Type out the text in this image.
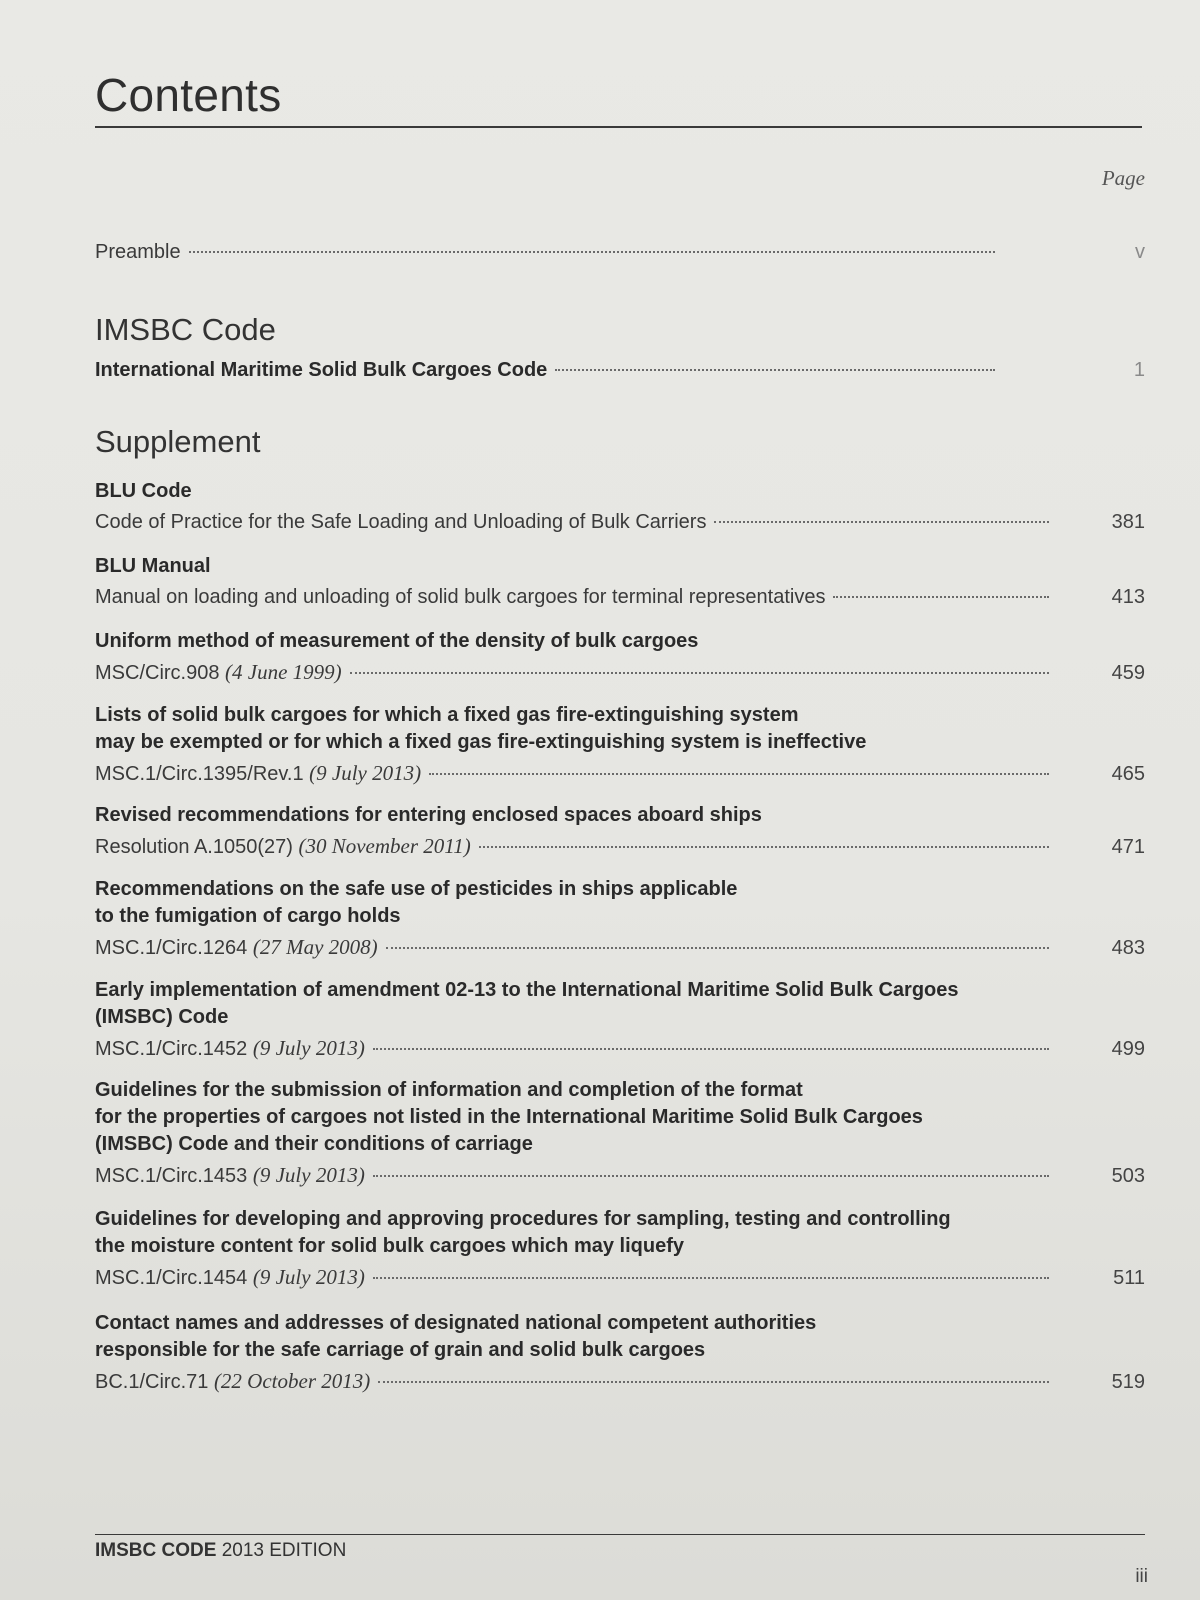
Contents
Page
Preamble	v
IMSBC Code
International Maritime Solid Bulk Cargoes Code	1
Supplement
BLU Code
Code of Practice for the Safe Loading and Unloading of Bulk Carriers	381
BLU Manual
Manual on loading and unloading of solid bulk cargoes for terminal representatives	413
Uniform method of measurement of the density of bulk cargoes
MSC/Circ.908 (4 June 1999)	459
Lists of solid bulk cargoes for which a fixed gas fire-extinguishing system
may be exempted or for which a fixed gas fire-extinguishing system is ineffective
MSC.1/Circ.1395/Rev.1 (9 July 2013)	465
Revised recommendations for entering enclosed spaces aboard ships
Resolution A.1050(27) (30 November 2011)	471
Recommendations on the safe use of pesticides in ships applicable
to the fumigation of cargo holds
MSC.1/Circ.1264 (27 May 2008)	483
Early implementation of amendment 02-13 to the International Maritime Solid Bulk Cargoes
(IMSBC) Code
MSC.1/Circ.1452 (9 July 2013)	499
Guidelines for the submission of information and completion of the format
for the properties of cargoes not listed in the International Maritime Solid Bulk Cargoes
(IMSBC) Code and their conditions of carriage
MSC.1/Circ.1453 (9 July 2013)	503
Guidelines for developing and approving procedures for sampling, testing and controlling
the moisture content for solid bulk cargoes which may liquefy
MSC.1/Circ.1454 (9 July 2013)	511
Contact names and addresses of designated national competent authorities
responsible for the safe carriage of grain and solid bulk cargoes
BC.1/Circ.71 (22 October 2013)	519
IMSBC CODE 2013 EDITION
iii
